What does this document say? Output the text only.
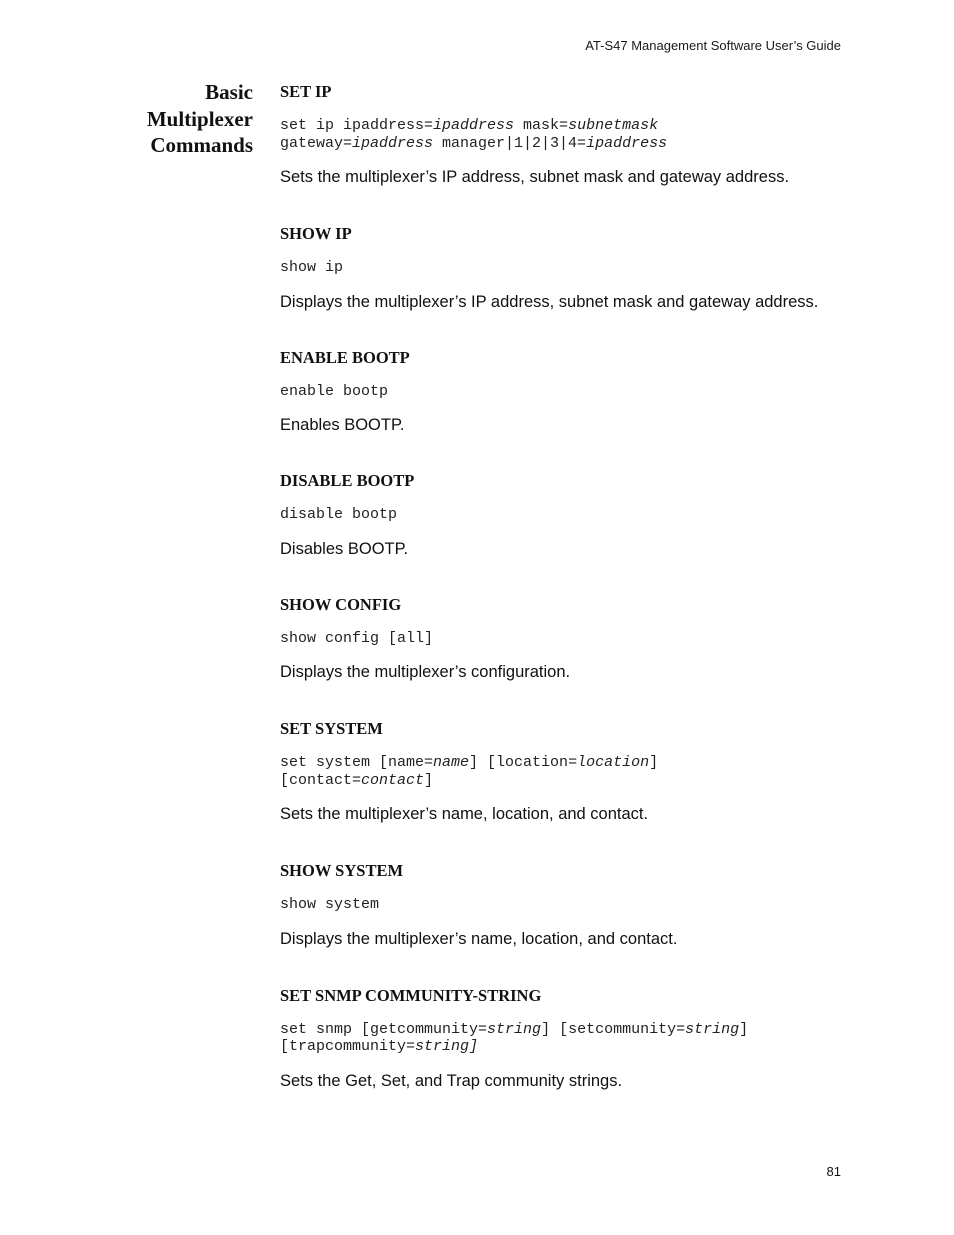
AT-S47 Management Software User’s Guide
Basic
Multiplexer
Commands
SET IP
set ip ipaddress=ipaddress mask=subnetmask
gateway=ipaddress manager|1|2|3|4=ipaddress
Sets the multiplexer’s IP address, subnet mask and gateway address.
SHOW IP
show ip
Displays the multiplexer’s IP address, subnet mask and gateway address.
ENABLE BOOTP
enable bootp
Enables BOOTP.
DISABLE BOOTP
disable bootp
Disables BOOTP.
SHOW CONFIG
show config [all]
Displays the multiplexer’s configuration.
SET SYSTEM
set system [name=name] [location=location]
[contact=contact]
Sets the multiplexer’s name, location, and contact.
SHOW SYSTEM
show system
Displays the multiplexer’s name, location, and contact.
SET SNMP COMMUNITY-STRING
set snmp [getcommunity=string] [setcommunity=string]
[trapcommunity=string]
Sets the Get, Set, and Trap community strings.
81
